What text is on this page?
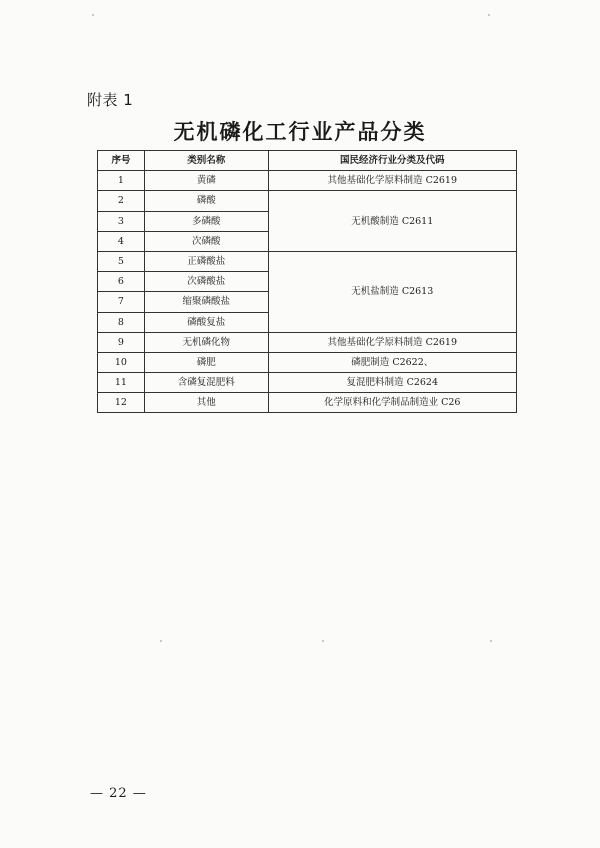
附表 1
无机磷化工行业产品分类
序号	类别名称	国民经济行业分类及代码
1	黄磷	其他基础化学原料制造 C2619
2	磷酸	无机酸制造 C2611
3	多磷酸	
4	次磷酸	
5	正磷酸盐	无机盐制造 C2613
6	次磷酸盐	
7	缩聚磷酸盐	
8	磷酸复盐	
9	无机磷化物	其他基础化学原料制造 C2619
10	磷肥	磷肥制造 C2622、
11	含磷复混肥料	复混肥料制造 C2624
12	其他	化学原料和化学制品制造业 C26
— 22 —
